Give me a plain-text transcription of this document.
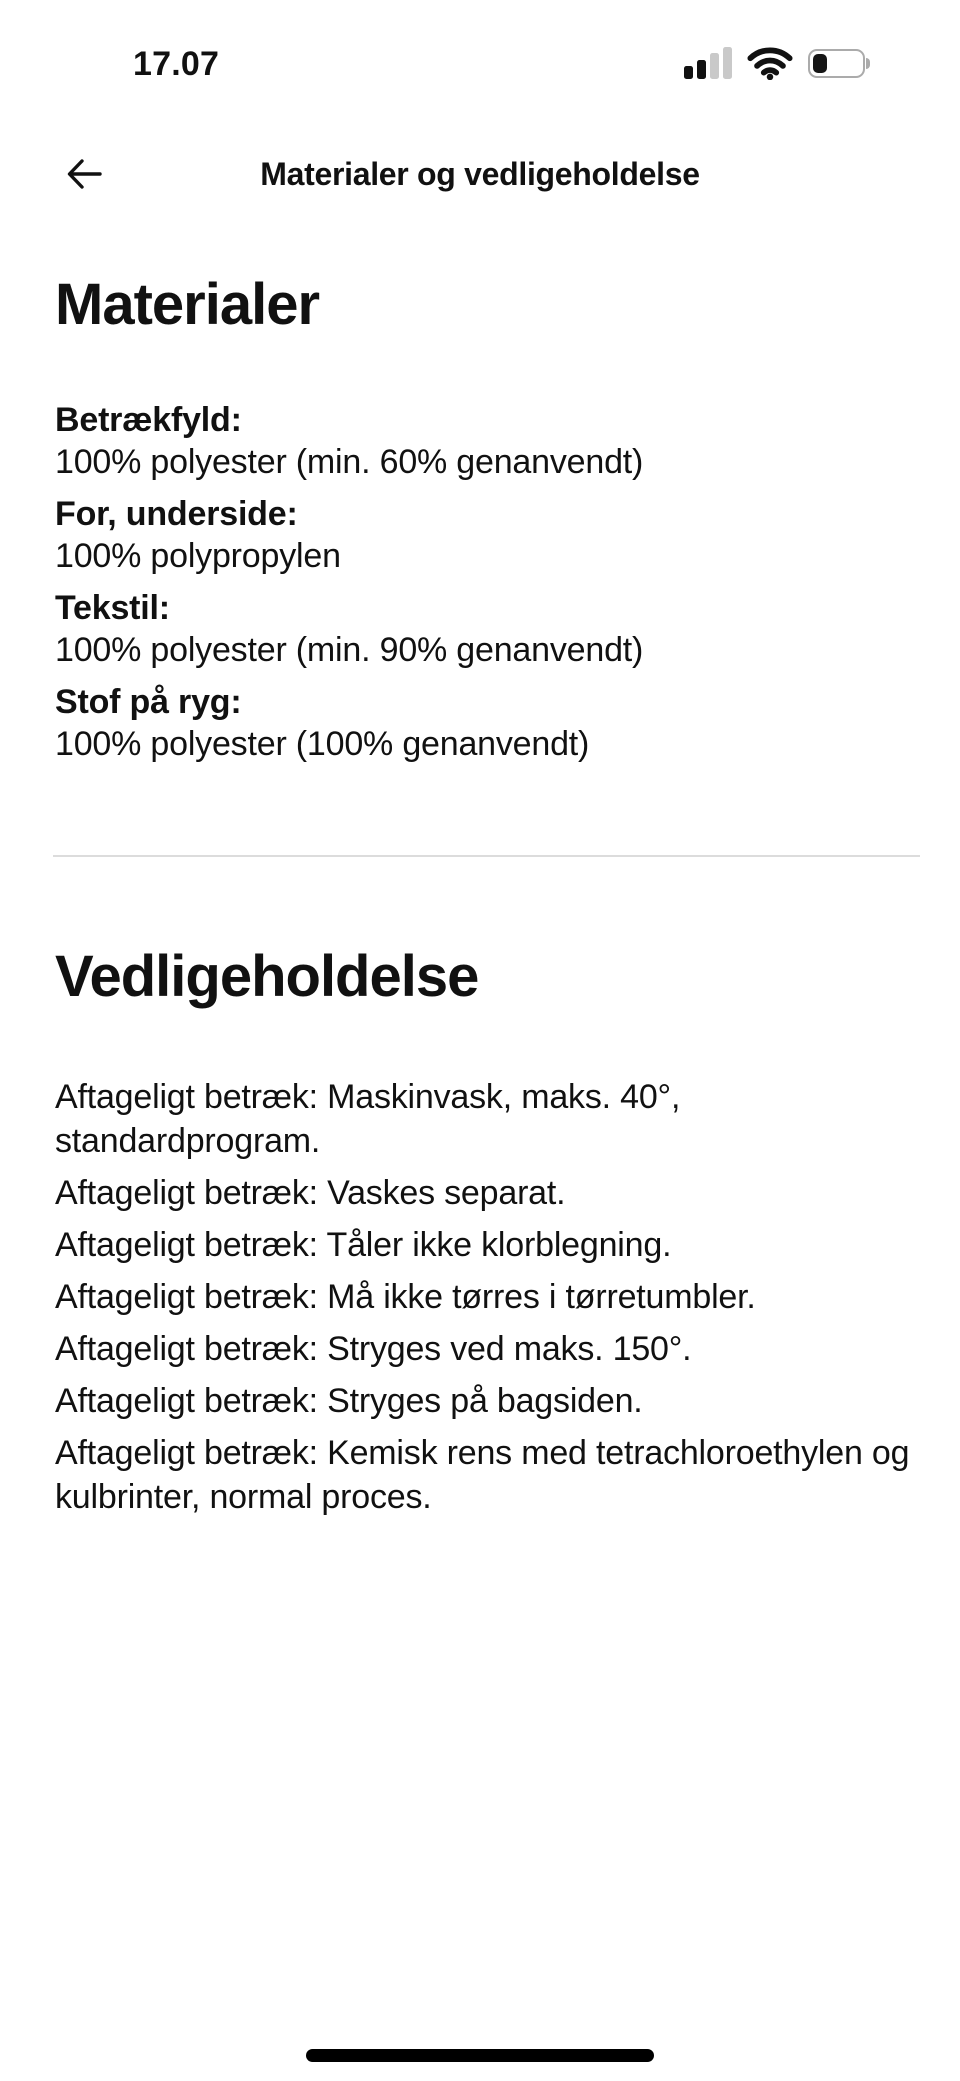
17.07
Materialer og vedligeholdelse
Materialer
Betrækfyld:
100% polyester (min. 60% genanvendt)
For, underside:
100% polypropylen
Tekstil:
100% polyester (min. 90% genanvendt)
Stof på ryg:
100% polyester (100% genanvendt)
Vedligeholdelse
Aftageligt betræk: Maskinvask, maks. 40°, standardprogram.
Aftageligt betræk: Vaskes separat.
Aftageligt betræk: Tåler ikke klorblegning.
Aftageligt betræk: Må ikke tørres i tørretumbler.
Aftageligt betræk: Stryges ved maks. 150°.
Aftageligt betræk: Stryges på bagsiden.
Aftageligt betræk: Kemisk rens med tetrachloroethylen og kulbrinter, normal proces.
